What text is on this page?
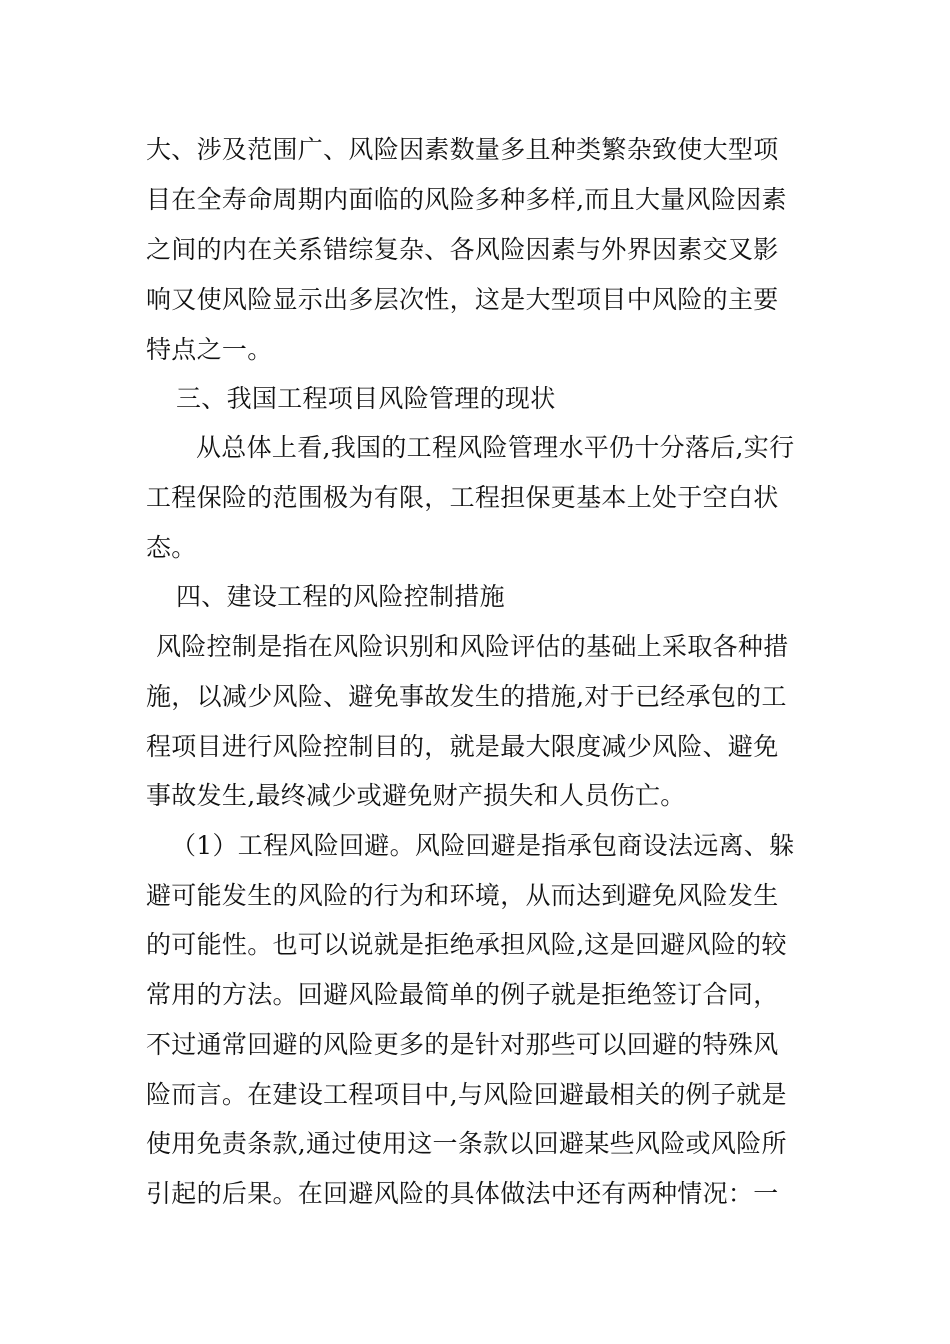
大、涉及范围广、风险因素数量多且种类繁杂致使大型项
目在全寿命周期内面临的风险多种多样,而且大量风险因素
之间的内在关系错综复杂、各风险因素与外界因素交叉影
响又使风险显示出多层次性，这是大型项目中风险的主要
特点之一。
三、我国工程项目风险管理的现状
从总体上看,我国的工程风险管理水平仍十分落后,实行
工程保险的范围极为有限，工程担保更基本上处于空白状
态。
四、建设工程的风险控制措施
风险控制是指在风险识别和风险评估的基础上采取各种措
施，以减少风险、避免事故发生的措施,对于已经承包的工
程项目进行风险控制目的，就是最大限度减少风险、避免
事故发生,最终减少或避免财产损失和人员伤亡。
（1）工程风险回避。风险回避是指承包商设法远离、躲
避可能发生的风险的行为和环境，从而达到避免风险发生
的可能性。也可以说就是拒绝承担风险,这是回避风险的较
常用的方法。回避风险最简单的例子就是拒绝签订合同，
不过通常回避的风险更多的是针对那些可以回避的特殊风
险而言。在建设工程项目中,与风险回避最相关的例子就是
使用免责条款,通过使用这一条款以回避某些风险或风险所
引起的后果。在回避风险的具体做法中还有两种情况：一
